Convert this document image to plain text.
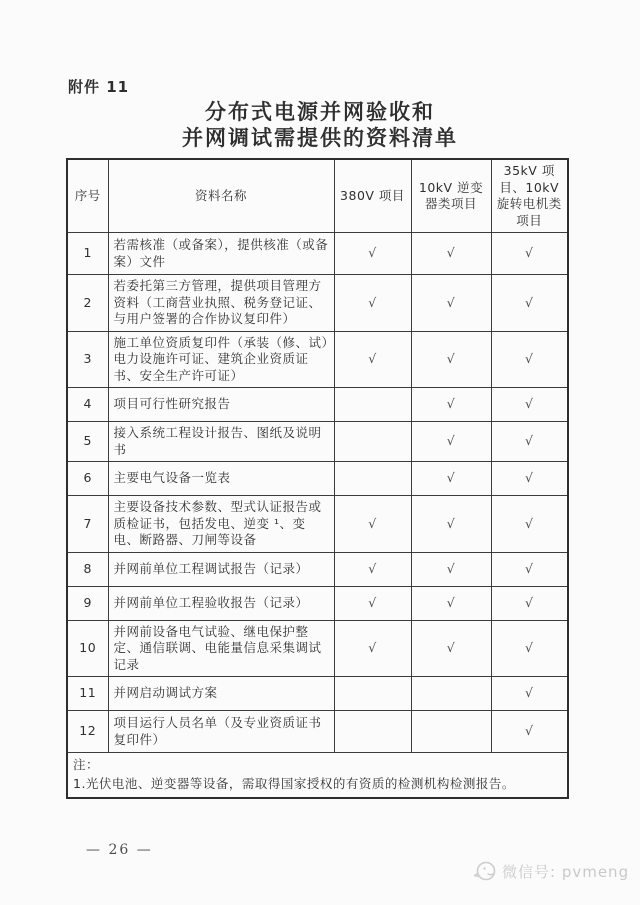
附件 11
分布式电源并网验收和
并网调试需提供的资料清单
序号	资料名称	380V 项目	10kV 逆变器类项目	35kV 项目、10kV 旋转电机类项目
1	若需核准（或备案），提供核准（或备案）文件	√	√	√
2	若委托第三方管理，提供项目管理方资料（工商营业执照、税务登记证、与用户签署的合作协议复印件）	√	√	√
3	施工单位资质复印件（承装（修、试）电力设施许可证、建筑企业资质证书、安全生产许可证）	√	√	√
4	项目可行性研究报告		√	√
5	接入系统工程设计报告、图纸及说明书		√	√
6	主要电气设备一览表		√	√
7	主要设备技术参数、型式认证报告或质检证书，包括发电、逆变 ¹、变电、断路器、刀闸等设备	√	√	√
8	并网前单位工程调试报告（记录）	√	√	√
9	并网前单位工程验收报告（记录）	√	√	√
10	并网前设备电气试验、继电保护整定、通信联调、电能量信息采集调试记录	√	√	√
11	并网启动调试方案			√
12	项目运行人员名单（及专业资质证书复印件）			√

注：
1.光伏电池、逆变器等设备，需取得国家授权的有资质的检测机构检测报告。				
— 26 —
微信号: pvmeng
